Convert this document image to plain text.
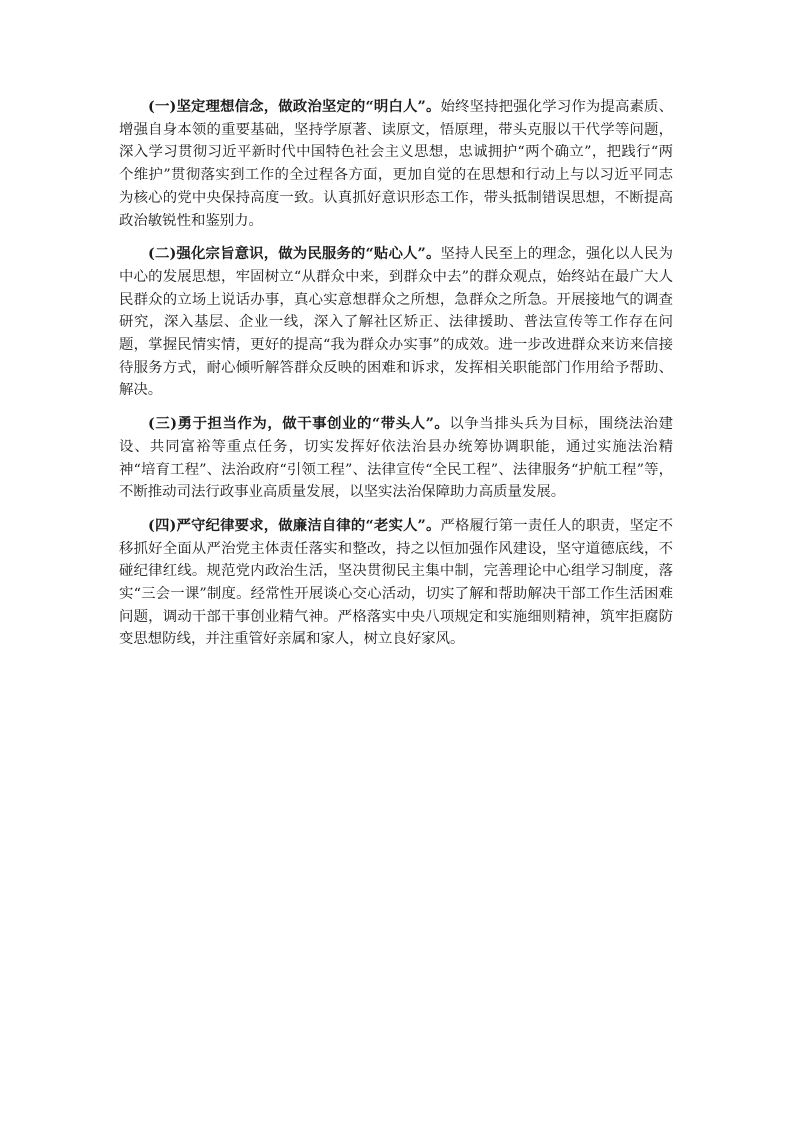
(一)坚定理想信念，做政治坚定的“明白人”。始终坚持把强化学习作为提高素质、增强自身本领的重要基础，坚持学原著、读原文，悟原理，带头克服以干代学等问题，深入学习贯彻习近平新时代中国特色社会主义思想，忠诚拥护“两个确立”，把践行“两个维护”贯彻落实到工作的全过程各方面，更加自觉的在思想和行动上与以习近平同志为核心的党中央保持高度一致。认真抓好意识形态工作，带头抵制错误思想，不断提高政治敏锐性和鉴别力。

(二)强化宗旨意识，做为民服务的“贴心人”。坚持人民至上的理念，强化以人民为中心的发展思想，牢固树立“从群众中来，到群众中去”的群众观点，始终站在最广大人民群众的立场上说话办事，真心实意想群众之所想，急群众之所急。开展接地气的调查研究，深入基层、企业一线，深入了解社区矫正、法律援助、普法宣传等工作存在问题，掌握民情实情，更好的提高“我为群众办实事”的成效。进一步改进群众来访来信接待服务方式，耐心倾听解答群众反映的困难和诉求，发挥相关职能部门作用给予帮助、解决。

(三)勇于担当作为，做干事创业的“带头人”。以争当排头兵为目标，围绕法治建设、共同富裕等重点任务，切实发挥好依法治县办统筹协调职能，通过实施法治精神“培育工程”、法治政府“引领工程”、法律宣传“全民工程”、法律服务“护航工程”等，不断推动司法行政事业高质量发展，以坚实法治保障助力高质量发展。

(四)严守纪律要求，做廉洁自律的“老实人”。严格履行第一责任人的职责，坚定不移抓好全面从严治党主体责任落实和整改，持之以恒加强作风建设，坚守道德底线，不碰纪律红线。规范党内政治生活，坚决贯彻民主集中制，完善理论中心组学习制度，落实“三会一课”制度。经常性开展谈心交心活动，切实了解和帮助解决干部工作生活困难问题，调动干部干事创业精气神。严格落实中央八项规定和实施细则精神，筑牢拒腐防变思想防线，并注重管好亲属和家人，树立良好家风。
